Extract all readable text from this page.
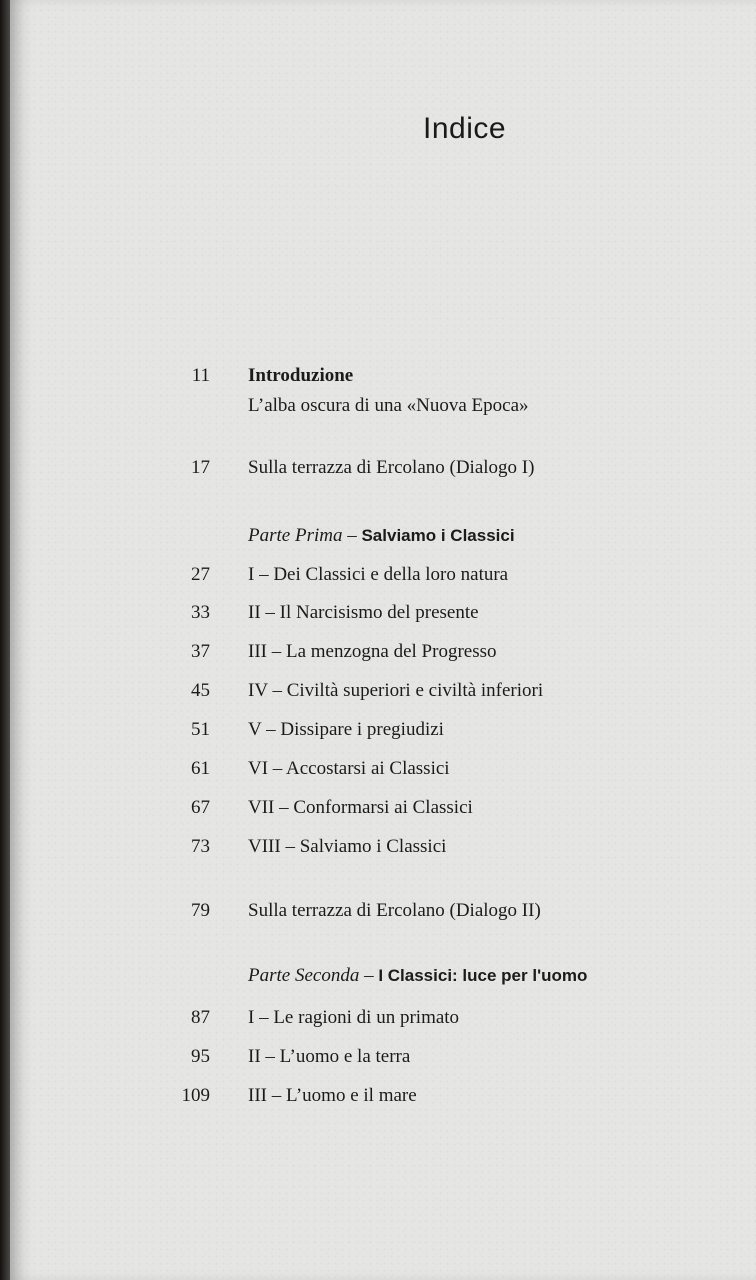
Indice
11 Introduzione
L’alba oscura di una «Nuova Epoca»
17 Sulla terrazza di Ercolano (Dialogo I)
Parte Prima – Salviamo i Classici
27 I – Dei Classici e della loro natura
33 II – Il Narcisismo del presente
37 III – La menzogna del Progresso
45 IV – Civiltà superiori e civiltà inferiori
51 V – Dissipare i pregiudizi
61 VI – Accostarsi ai Classici
67 VII – Conformarsi ai Classici
73 VIII – Salviamo i Classici
79 Sulla terrazza di Ercolano (Dialogo II)
Parte Seconda – I Classici: luce per l'uomo
87 I – Le ragioni di un primato
95 II – L’uomo e la terra
109 III – L’uomo e il mare
